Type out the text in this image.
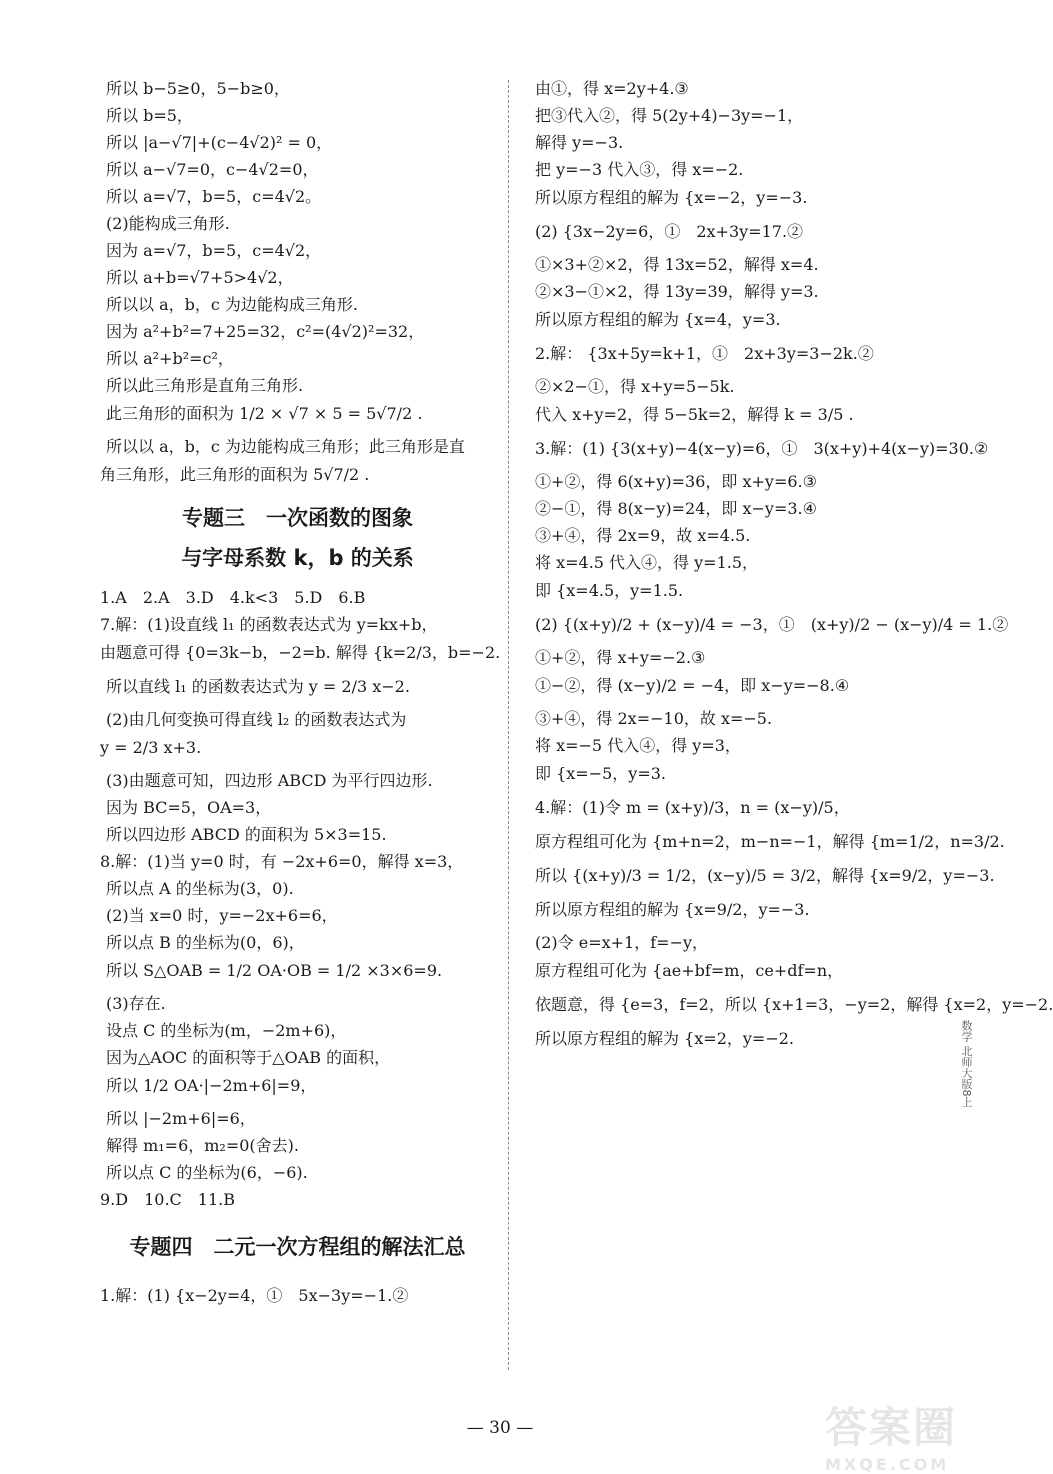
所以 b−5≥0，5−b≥0，
所以 b=5，
所以 |a−√7|+(c−4√2)² = 0，
所以 a−√7=0，c−4√2=0，
所以 a=√7，b=5，c=4√2。
(2)能构成三角形.
因为 a=√7，b=5，c=4√2，
所以 a+b=√7+5>4√2，
所以以 a，b，c 为边能构成三角形.
因为 a²+b²=7+25=32，c²=(4√2)²=32，
所以 a²+b²=c²，
所以此三角形是直角三角形.
此三角形的面积为 1/2 × √7 × 5 = 5√7/2 .
所以以 a，b，c 为边能构成三角形；此三角形是直
角三角形，此三角形的面积为 5√7/2 .
专题三　一次函数的图象
与字母系数 k，b 的关系
1.A　2.A　3.D　4.k<3　5.D　6.B
7.解：(1)设直线 l₁ 的函数表达式为 y=kx+b，
由题意可得 {0=3k−b，−2=b. 解得 {k=2/3，b=−2.
所以直线 l₁ 的函数表达式为 y = 2/3 x−2.
(2)由几何变换可得直线 l₂ 的函数表达式为
y = 2/3 x+3.
(3)由题意可知，四边形 ABCD 为平行四边形.
因为 BC=5，OA=3，
所以四边形 ABCD 的面积为 5×3=15.
8.解：(1)当 y=0 时，有 −2x+6=0，解得 x=3，
所以点 A 的坐标为(3，0).
(2)当 x=0 时，y=−2x+6=6，
所以点 B 的坐标为(0，6)，
所以 S△OAB = 1/2 OA·OB = 1/2 ×3×6=9.
(3)存在.
设点 C 的坐标为(m，−2m+6)，
因为△AOC 的面积等于△OAB 的面积，
所以 1/2 OA·|−2m+6|=9，
所以 |−2m+6|=6，
解得 m₁=6，m₂=0(舍去).
所以点 C 的坐标为(6，−6).
9.D　10.C　11.B
专题四　二元一次方程组的解法汇总
1.解：(1) {x−2y=4，①　5x−3y=−1.②
由①，得 x=2y+4.③
把③代入②，得 5(2y+4)−3y=−1，
解得 y=−3.
把 y=−3 代入③，得 x=−2.
所以原方程组的解为 {x=−2，y=−3.
(2) {3x−2y=6，①　2x+3y=17.②
①×3+②×2，得 13x=52，解得 x=4.
②×3−①×2，得 13y=39，解得 y=3.
所以原方程组的解为 {x=4，y=3.
2.解： {3x+5y=k+1，①　2x+3y=3−2k.②
②×2−①，得 x+y=5−5k.
代入 x+y=2，得 5−5k=2，解得 k = 3/5 .
3.解：(1) {3(x+y)−4(x−y)=6，①　3(x+y)+4(x−y)=30.②
①+②，得 6(x+y)=36，即 x+y=6.③
②−①，得 8(x−y)=24，即 x−y=3.④
③+④，得 2x=9，故 x=4.5.
将 x=4.5 代入④，得 y=1.5，
即 {x=4.5，y=1.5.
(2) {(x+y)/2 + (x−y)/4 = −3，①　(x+y)/2 − (x−y)/4 = 1.②
①+②，得 x+y=−2.③
①−②，得 (x−y)/2 = −4，即 x−y=−8.④
③+④，得 2x=−10，故 x=−5.
将 x=−5 代入④，得 y=3，
即 {x=−5，y=3.
4.解：(1)令 m = (x+y)/3，n = (x−y)/5，
原方程组可化为 {m+n=2，m−n=−1，解得 {m=1/2，n=3/2.
所以 {(x+y)/3 = 1/2，(x−y)/5 = 3/2，解得 {x=9/2，y=−3.
所以原方程组的解为 {x=9/2，y=−3.
(2)令 e=x+1，f=−y，
原方程组可化为 {ae+bf=m，ce+df=n，
依题意，得 {e=3，f=2，所以 {x+1=3，−y=2，解得 {x=2，y=−2.
所以原方程组的解为 {x=2，y=−2.
— 30 —
数学 北师大版8上
答案圈
MXQE.COM
